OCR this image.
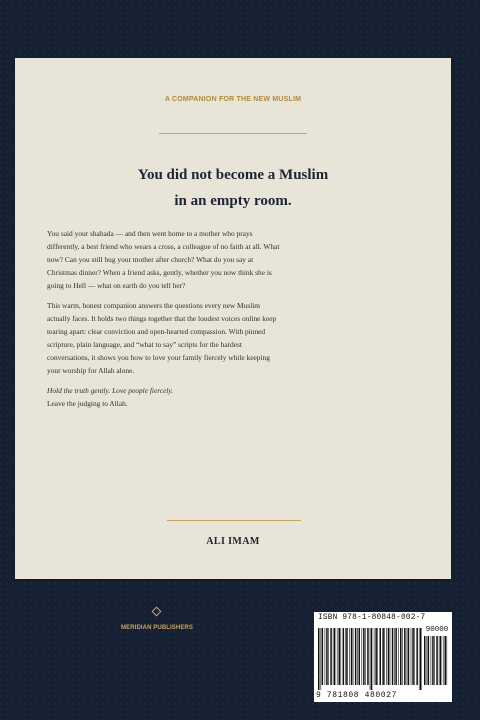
A COMPANION FOR THE NEW MUSLIM
You did not become a Muslim
in an empty room.

You said your shahada — and then went home to a mother who prays differently, a best friend who wears a cross, a colleague of no faith at all. What now? Can you still hug your mother after church? What do you say at Christmas dinner? When a friend asks, gently, whether you now think she is going to Hell — what on earth do you tell her?

This warm, honest companion answers the questions every new Muslim actually faces. It holds two things together that the loudest voices online keep tearing apart: clear conviction and open-hearted compassion. With pinned scripture, plain language, and “what to say” scripts for the hardest conversations, it shows you how to love your family fiercely while keeping your worship for Allah alone.

Hold the truth gently. Love people fiercely.
Leave the judging to Allah.

ALI IMAM
MERIDIAN PUBLISHERS
ISBN 978-1-80848-002-7
90000
9 781808 480027
